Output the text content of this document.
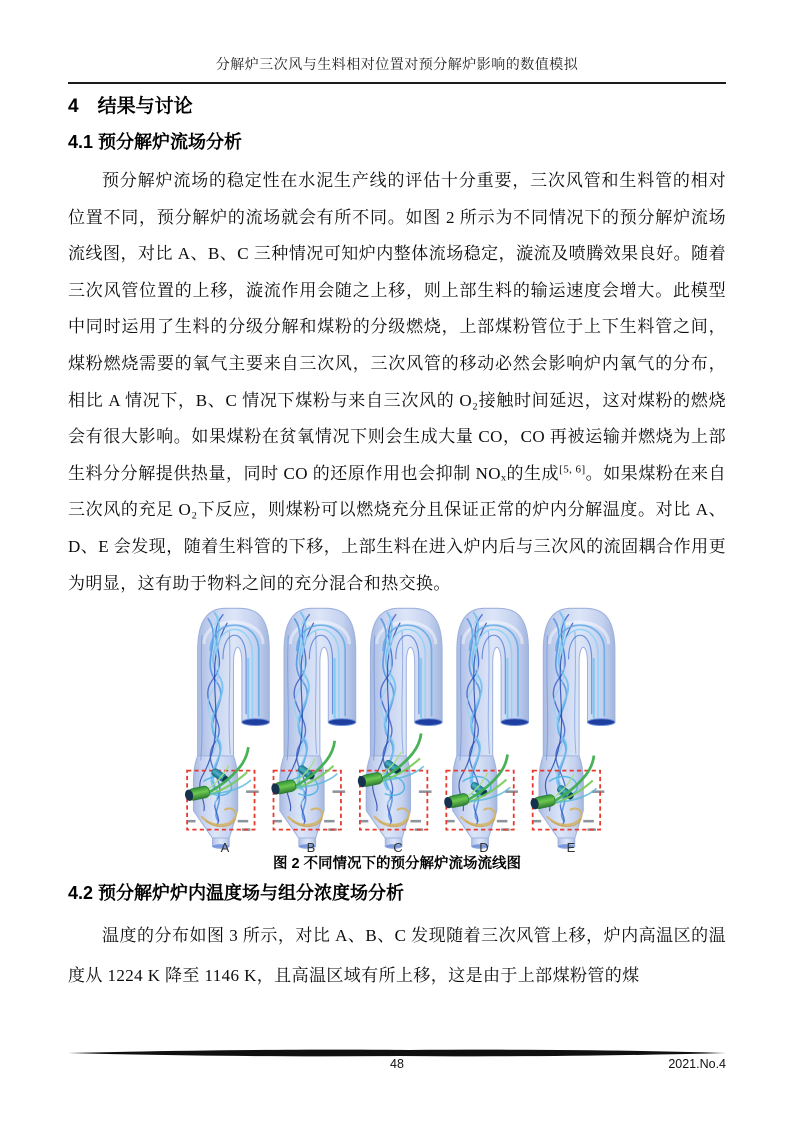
分解炉三次风与生料相对位置对预分解炉影响的数值模拟

4　结果与讨论
4.1 预分解炉流场分析

预分解炉流场的稳定性在水泥生产线的评估十分重要，三次风管和生料管的相对位置不同，预分解炉的流场就会有所不同。如图 2 所示为不同情况下的预分解炉流场流线图，对比 A、B、C 三种情况可知炉内整体流场稳定，漩流及喷腾效果良好。随着三次风管位置的上移，漩流作用会随之上移，则上部生料的输运速度会增大。此模型中同时运用了生料的分级分解和煤粉的分级燃烧，上部煤粉管位于上下生料管之间，煤粉燃烧需要的氧气主要来自三次风，三次风管的移动必然会影响炉内氧气的分布，相比 A 情况下，B、C 情况下煤粉与来自三次风的 O₂接触时间延迟，这对煤粉的燃烧会有很大影响。如果煤粉在贫氧情况下则会生成大量 CO，CO 再被运输并燃烧为上部生料分分解提供热量，同时 CO 的还原作用也会抑制 NOₓ的生成[5, 6]。如果煤粉在来自三次风的充足 O₂下反应，则煤粉可以燃烧充分且保证正常的炉内分解温度。对比 A、D、E 会发现，随着生料管的下移，上部生料在进入炉内后与三次风的流固耦合作用更为明显，这有助于物料之间的充分混合和热交换。

A	B	C	D	E
图 2 不同情况下的预分解炉流场流线图
4.2 预分解炉炉内温度场与组分浓度场分析

温度的分布如图 3 所示，对比 A、B、C 发现随着三次风管上移，炉内高温区的温度从 1224 K 降至 1146 K，且高温区域有所上移，这是由于上部煤粉管的煤

48	2021.No.4
